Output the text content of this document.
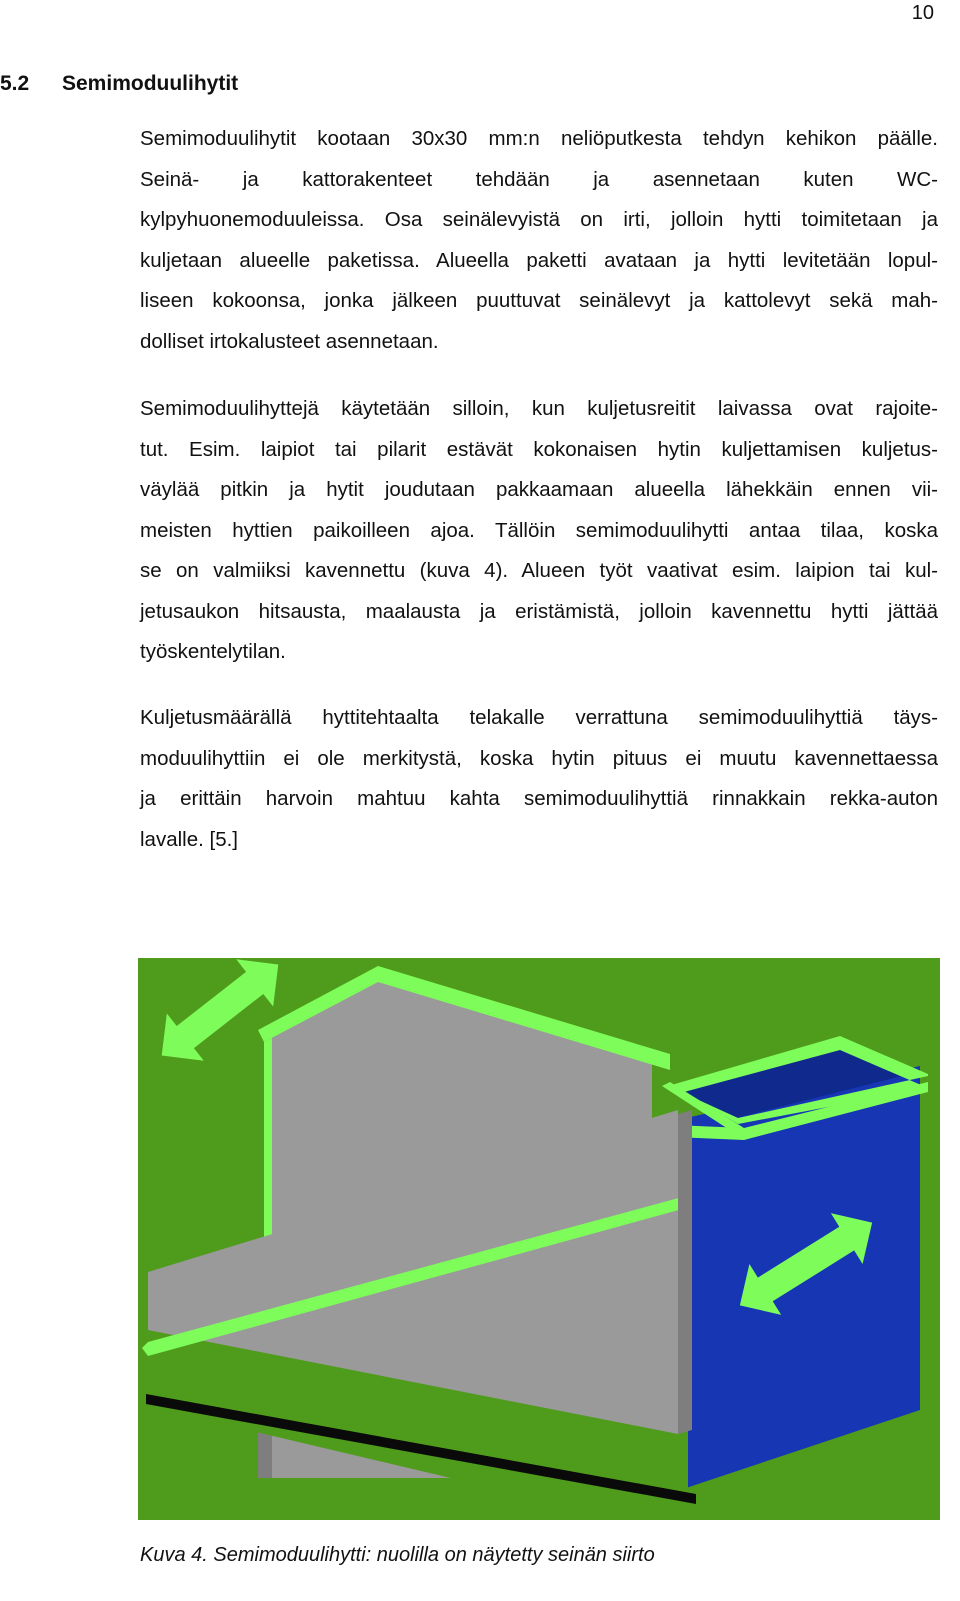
10
5.2 Semimoduulihytit
Semimoduulihytit kootaan 30x30 mm:n neliöputkesta tehdyn kehikon päälle.
Seinä- ja kattorakenteet tehdään ja asennetaan kuten WC-
kylpyhuonemoduuleissa. Osa seinälevyistä on irti, jolloin hytti toimitetaan ja
kuljetaan alueelle paketissa. Alueella paketti avataan ja hytti levitetään lopul-
liseen kokoonsa, jonka jälkeen puuttuvat seinälevyt ja kattolevyt sekä mah-
dolliset irtokalusteet asennetaan.
Semimoduulihyttejä käytetään silloin, kun kuljetusreitit laivassa ovat rajoite-
tut. Esim. laipiot tai pilarit estävät kokonaisen hytin kuljettamisen kuljetus-
väylää pitkin ja hytit joudutaan pakkaamaan alueella lähekkäin ennen vii-
meisten hyttien paikoilleen ajoa. Tällöin semimoduulihytti antaa tilaa, koska
se on valmiiksi kavennettu (kuva 4). Alueen työt vaativat esim. laipion tai kul-
jetusaukon hitsausta, maalausta ja eristämistä, jolloin kavennettu hytti jättää
työskentelytilan.
Kuljetusmäärällä hyttitehtaalta telakalle verrattuna semimoduulihyttiä täys-
moduulihyttiin ei ole merkitystä, koska hytin pituus ei muutu kavennettaessa
ja erittäin harvoin mahtuu kahta semimoduulihyttiä rinnakkain rekka-auton
lavalle. [5.]
Kuva 4. Semimoduulihytti: nuolilla on näytetty seinän siirto
